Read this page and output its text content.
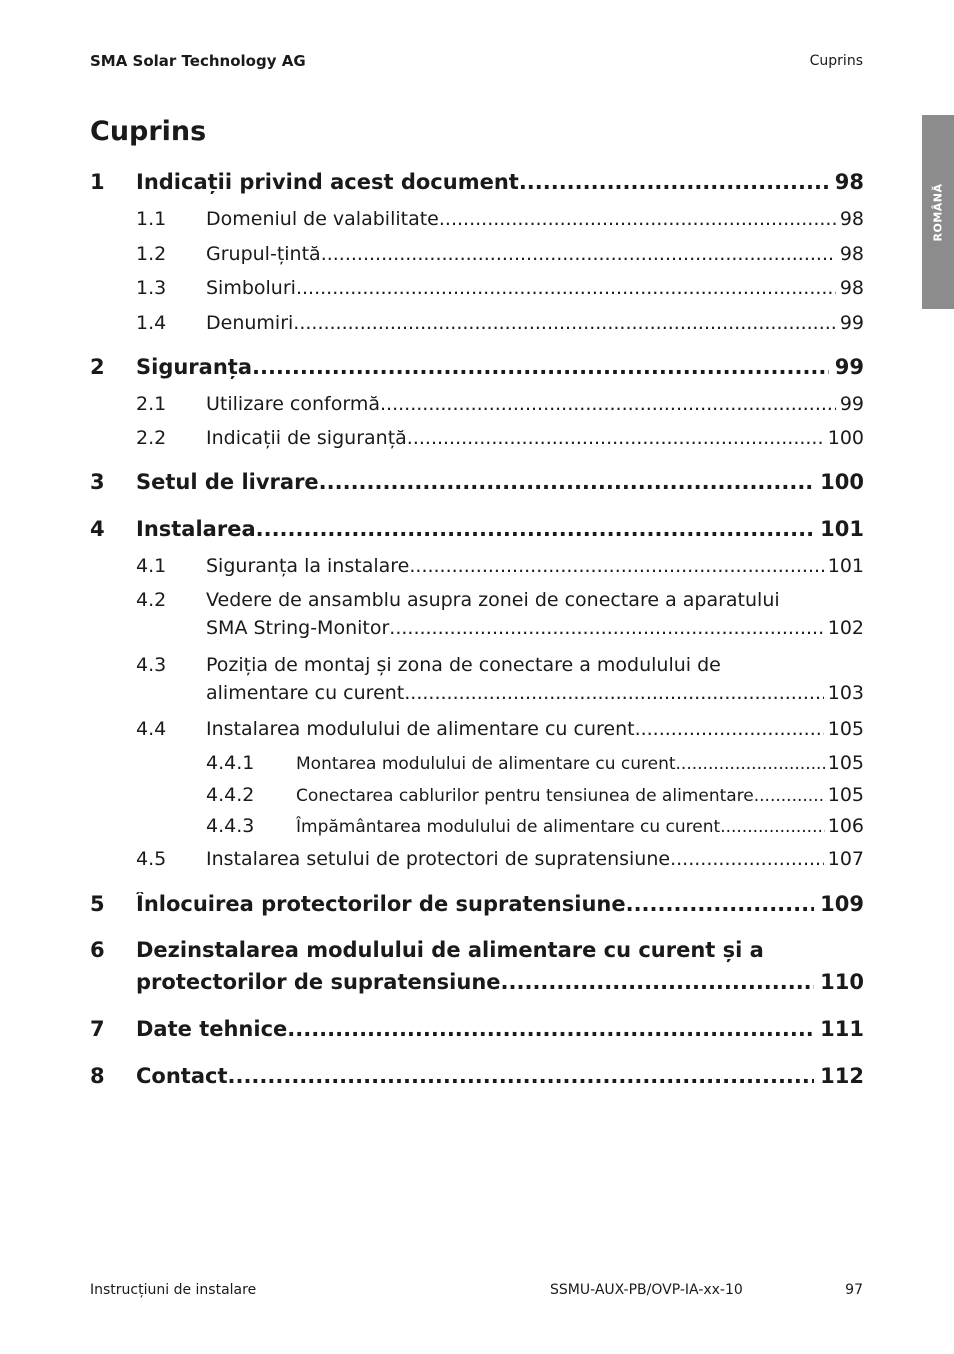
SMA Solar Technology AG	Cuprins
ROMÂNĂ
Cuprins
1	Indicații privind acest document .....	98
1.1 Domeniul de valabilitate .....	98
1.2 Grupul-țintă .....	98
1.3 Simboluri .....	98
1.4 Denumiri .....	99
2	Siguranța .....	99
2.1 Utilizare conformă .....	99
2.2 Indicații de siguranță .....	100
3	Setul de livrare .....	100
4	Instalarea .....	101
4.1 Siguranța la instalare .....	101
4.2 Vedere de ansamblu asupra zonei de conectare a aparatului
SMA String-Monitor .....	102
4.3 Poziția de montaj și zona de conectare a modulului de
alimentare cu curent .....	103
4.4 Instalarea modulului de alimentare cu curent .....	105
4.4.1 Montarea modulului de alimentare cu curent .....	105
4.4.2 Conectarea cablurilor pentru tensiunea de alimentare .....	105
4.4.3 Împământarea modulului de alimentare cu curent .....	106
4.5 Instalarea setului de protectori de supratensiune .....	107
5	Înlocuirea protectorilor de supratensiune .....	109
6	Dezinstalarea modulului de alimentare cu curent și a
protectorilor de supratensiune .....	110
7	Date tehnice .....	111
8	Contact .....	112
Instrucțiuni de instalare	SSMU-AUX-PB/OVP-IA-xx-10	97
